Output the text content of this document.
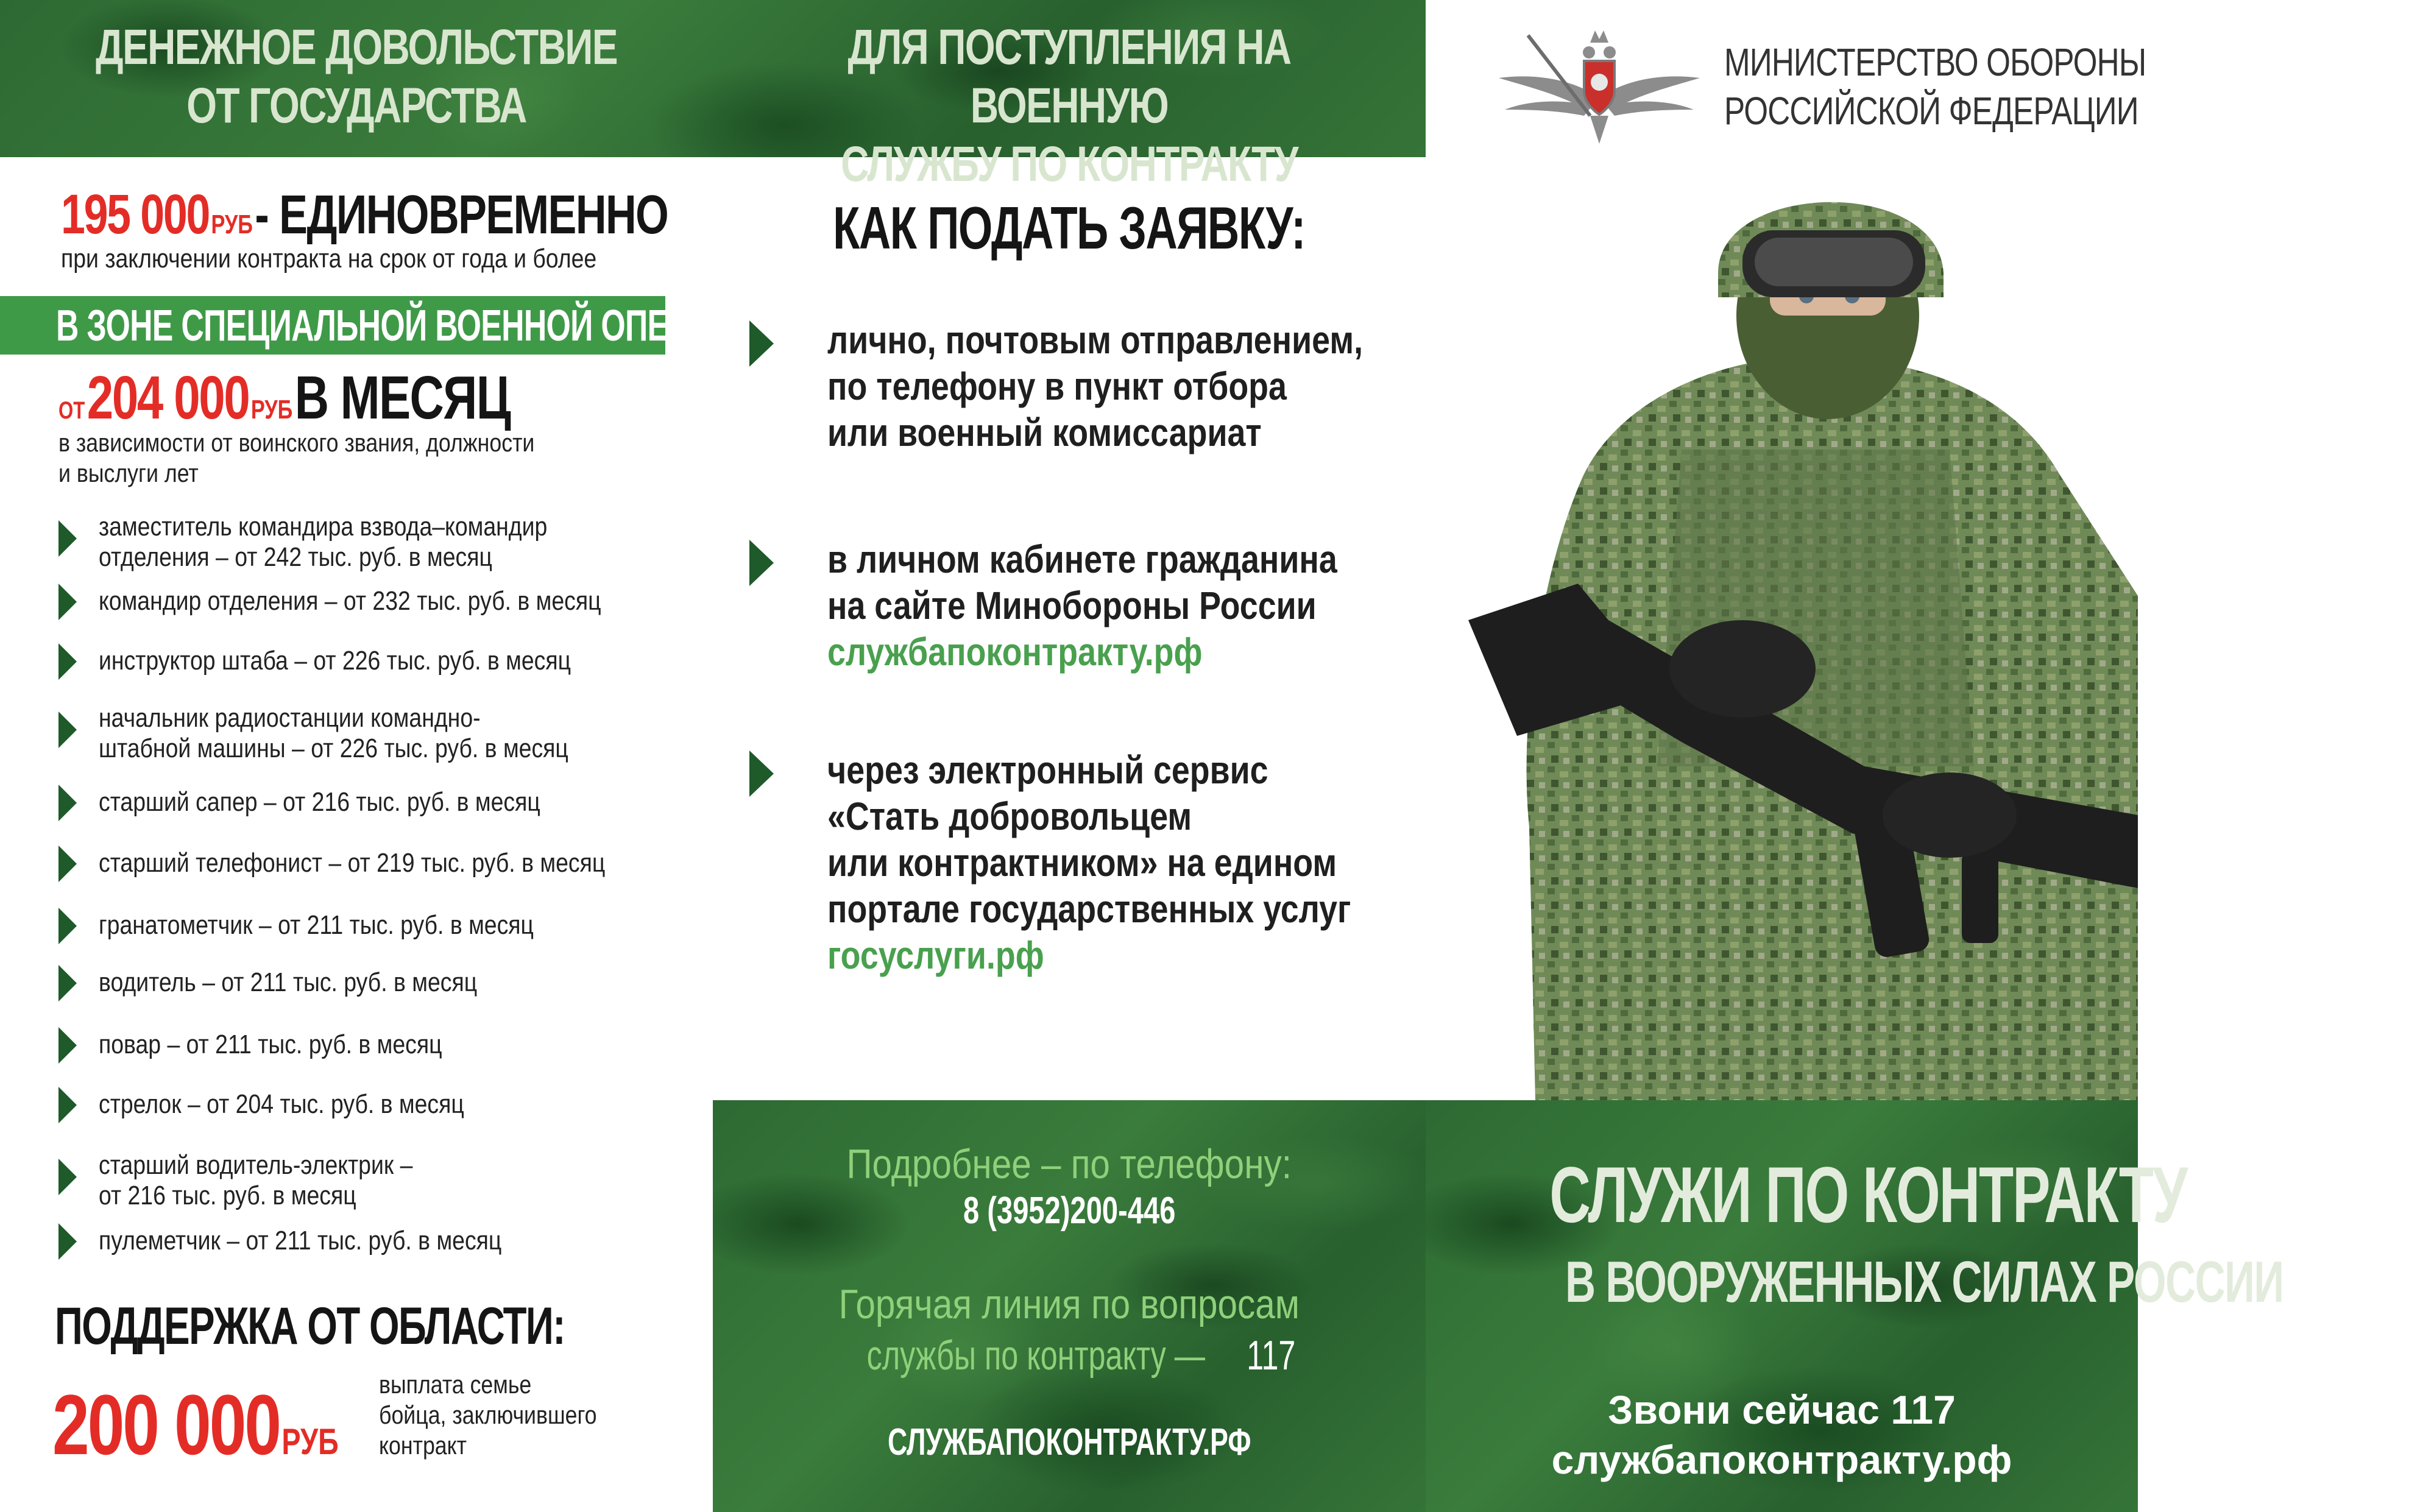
ДЕНЕЖНОЕ ДОВОЛЬСТВИЕ
ОТ ГОСУДАРСТВА
ДЛЯ ПОСТУПЛЕНИЯ НА ВОЕННУЮ
СЛУЖБУ ПО КОНТРАКТУ
МИНИСТЕРСТВО ОБОРОНЫ
РОССИЙСКОЙ ФЕДЕРАЦИИ
195 000 РУБ - ЕДИНОВРЕМЕННО
при заключении контракта на срок от года и более
В ЗОНЕ СПЕЦИАЛЬНОЙ ВОЕННОЙ ОПЕРАЦИИ
ОТ 204 000 РУБ В МЕСЯЦ
в зависимости от воинского звания, должности
и выслуги лет
заместитель командира взвода–командир
отделения – от 242 тыс. руб. в месяц
командир отделения – от 232 тыс. руб. в месяц
инструктор штаба – от 226 тыс. руб. в месяц
начальник радиостанции командно-
штабной машины – от 226 тыс. руб. в месяц
старший сапер – от 216 тыс. руб. в месяц
старший телефонист – от 219 тыс. руб. в месяц
гранатометчик – от 211 тыс. руб. в месяц
водитель – от 211 тыс. руб. в месяц
повар – от 211 тыс. руб. в месяц
стрелок – от 204 тыс. руб. в месяц
старший водитель-электрик –
от 216 тыс. руб. в месяц
пулеметчик – от 211 тыс. руб. в месяц
ПОДДЕРЖКА ОТ ОБЛАСТИ:
200 000 РУБ
выплата семье
бойца, заключившего
контракт
КАК ПОДАТЬ ЗАЯВКУ:
лично, почтовым отправлением,
по телефону в пункт отбора
или военный комиссариат
в личном кабинете гражданина
на сайте Минобороны России
службапоконтракту.рф
через электронный сервис
«Стать добровольцем
или контрактником» на едином
портале государственных услуг
госуслуги.рф
Подробнее – по телефону:
8 (3952)200-446
Горячая линия по вопросам
службы по контракту — 117
СЛУЖБАПОКОНТРАКТУ.РФ
СЛУЖИ ПО КОНТРАКТУ
В ВООРУЖЕННЫХ СИЛАХ РОССИИ
Звони сейчас 117
службапоконтракту.рф
